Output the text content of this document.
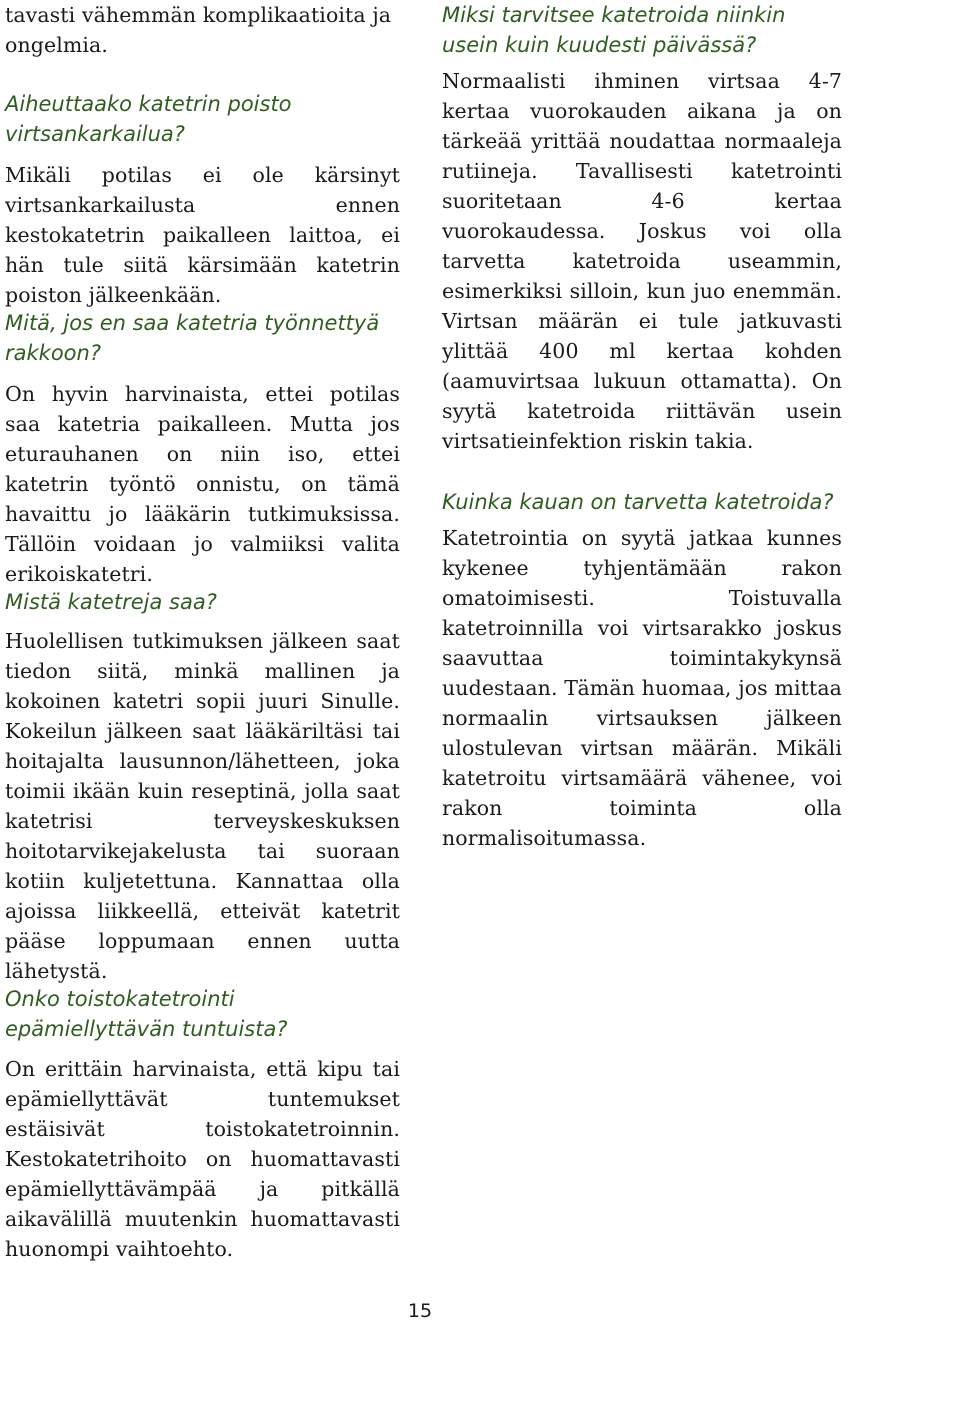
tavasti vähemmän komplikaatioita ja ongelmia.

Aiheuttaako katetrin poisto virtsankarkailua?

Mikäli potilas ei ole kärsinyt virtsankarkailusta ennen kestokatetrin paikalleen laittoa, ei hän tule siitä kärsimään katetrin poiston jälkeenkään.

Mitä, jos en saa katetria työnnettyä rakkoon?

On hyvin harvinaista, ettei potilas saa katetria paikalleen. Mutta jos eturauhanen on niin iso, ettei katetrin työntö onnistu, on tämä havaittu jo lääkärin tutkimuksissa. Tällöin voidaan jo valmiiksi valita erikoiskatetri.

Mistä katetreja saa?

Huolellisen tutkimuksen jälkeen saat tiedon siitä, minkä mallinen ja kokoinen katetri sopii juuri Sinulle. Kokeilun jälkeen saat lääkäriltäsi tai hoitajalta lausunnon/lähetteen, joka toimii ikään kuin reseptinä, jolla saat katetrisi terveyskeskuksen hoitotarvikejakelusta tai suoraan kotiin kuljetettuna. Kannattaa olla ajoissa liikkeellä, etteivät katetrit pääse loppumaan ennen uutta lähetystä.

Onko toistokatetrointi epämiellyttävän tuntuista?

On erittäin harvinaista, että kipu tai epämiellyttävät tuntemukset estäisivät toistokatetroinnin. Kestokatetrihoito on huomattavasti epämiellyttävämpää ja pitkällä aikavälillä muutenkin huomattavasti huonompi vaihtoehto.

Miksi tarvitsee katetroida niinkin usein kuin kuudesti päivässä?

Normaalisti ihminen virtsaa 4-7 kertaa vuorokauden aikana ja on tärkeää yrittää noudattaa normaaleja rutiineja. Tavallisesti katetrointi suoritetaan 4-6 kertaa vuorokaudessa. Joskus voi olla tarvetta katetroida useammin, esimerkiksi silloin, kun juo enemmän. Virtsan määrän ei tule jatkuvasti ylittää 400 ml kertaa kohden (aamuvirtsaa lukuun ottamatta). On syytä katetroida riittävän usein virtsatieinfektion riskin takia.

Kuinka kauan on tarvetta katetroida?

Katetrointia on syytä jatkaa kunnes kykenee tyhjentämään rakon omatoimisesti. Toistuvalla katetroinnilla voi virtsarakko joskus saavuttaa toimintakykynsä uudestaan. Tämän huomaa, jos mittaa normaalin virtsauksen jälkeen ulostulevan virtsan määrän. Mikäli katetroitu virtsamäärä vähenee, voi rakon toiminta olla normalisoitumassa.

15
